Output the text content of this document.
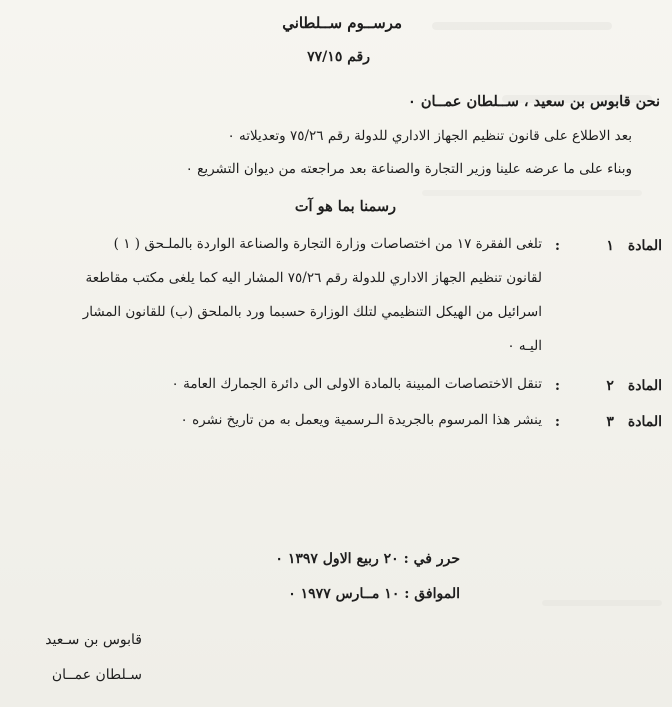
مرســوم ســلطاني
رقم ٧٧/١٥
نحن قابوس بن سعيد ، ســلطان عمــان ٠
بعد الاطلاع على قانون تنظيم الجهاز الاداري للدولة رقم ٧٥/٢٦ وتعديلاته ٠
وبناء على ما عرضه علينا وزير التجارة والصناعة بعد مراجعته من ديوان التشريع ٠
رسمنا بما هو آت
المادة١
:
تلغى الفقرة ١٧ من اختصاصات وزارة التجارة والصناعة الواردة بالملـحق ( ١ )
لقانون تنظيم الجهاز الاداري للدولة رقم ٧٥/٢٦ المشار اليه كما يلغى مكتب مقاطعة
اسرائيل من الهيكل التنظيمي لتلك الوزارة حسبما ورد بالملحق (ب) للقانون المشار
اليـه ٠
المادة٢
:
تنقل الاختصاصات المبينة بالمادة الاولى الى دائرة الجمارك العامة ٠
المادة٣
:
ينشر هذا المرسوم بالجريدة الـرسمية ويعمل به من تاريخ نشره ٠
حرر في : ٢٠ ربيع الاول ١٣٩٧ ٠
الموافق : ١٠ مــارس ١٩٧٧ ٠
قابوس بن سـعيد
سـلطان عمــان
